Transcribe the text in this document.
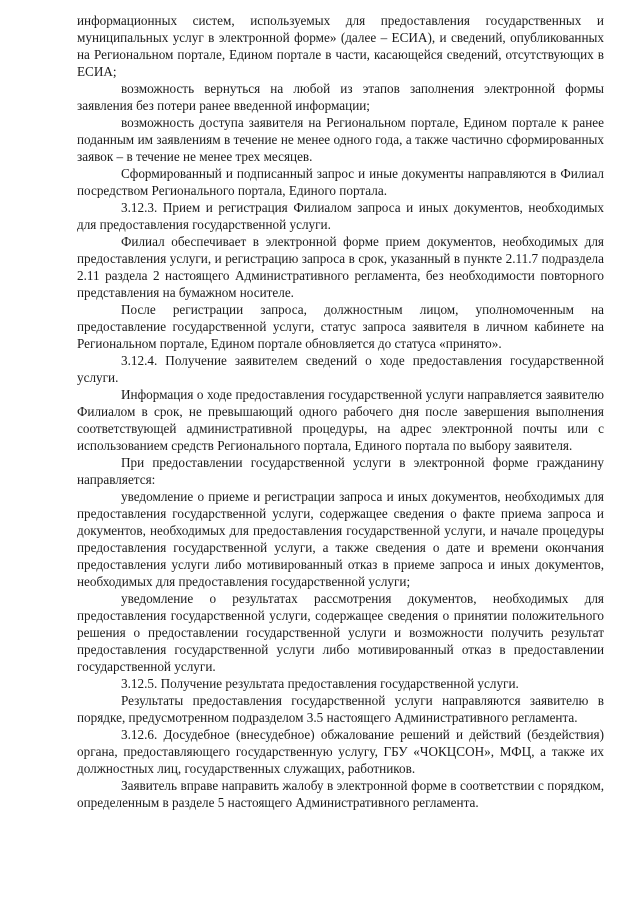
информационных систем, используемых для предоставления государственных и муниципальных услуг в электронной форме» (далее – ЕСИА), и сведений, опубликованных на Региональном портале, Едином портале в части, касающейся сведений, отсутствующих в ЕСИА;

возможность вернуться на любой из этапов заполнения электронной формы заявления без потери ранее введенной информации;

возможность доступа заявителя на Региональном портале, Едином портале к ранее поданным им заявлениям в течение не менее одного года, а также частично сформированных заявок – в течение не менее трех месяцев.

Сформированный и подписанный запрос и иные документы направляются в Филиал посредством Регионального портала, Единого портала.

3.12.3. Прием и регистрация Филиалом запроса и иных документов, необходимых для предоставления государственной услуги.

Филиал обеспечивает в электронной форме прием документов, необходимых для предоставления услуги, и регистрацию запроса в срок, указанный в пункте 2.11.7 подраздела 2.11 раздела 2 настоящего Административного регламента, без необходимости повторного представления на бумажном носителе.

После регистрации запроса, должностным лицом, уполномоченным на предоставление государственной услуги, статус запроса заявителя в личном кабинете на Региональном портале, Едином портале обновляется до статуса «принято».

3.12.4. Получение заявителем сведений о ходе предоставления государственной услуги.

Информация о ходе предоставления государственной услуги направляется заявителю Филиалом в срок, не превышающий одного рабочего дня после завершения выполнения соответствующей административной процедуры, на адрес электронной почты или с использованием средств Регионального портала, Единого портала по выбору заявителя.

При предоставлении государственной услуги в электронной форме гражданину направляется:

уведомление о приеме и регистрации запроса и иных документов, необходимых для предоставления государственной услуги, содержащее сведения о факте приема запроса и документов, необходимых для предоставления государственной услуги, и начале процедуры предоставления государственной услуги, а также сведения о дате и времени окончания предоставления услуги либо мотивированный отказ в приеме запроса и иных документов, необходимых для предоставления государственной услуги;

уведомление о результатах рассмотрения документов, необходимых для предоставления государственной услуги, содержащее сведения о принятии положительного решения о предоставлении государственной услуги и возможности получить результат предоставления государственной услуги либо мотивированный отказ в предоставлении государственной услуги.

3.12.5. Получение результата предоставления государственной услуги.

Результаты предоставления государственной услуги направляются заявителю в порядке, предусмотренном подразделом 3.5 настоящего Административного регламента.

3.12.6. Досудебное (внесудебное) обжалование решений и действий (бездействия) органа, предоставляющего государственную услугу, ГБУ «ЧОКЦСОН», МФЦ, а также их должностных лиц, государственных служащих, работников.

Заявитель вправе направить жалобу в электронной форме в соответствии с порядком, определенным в разделе 5 настоящего Административного регламента.
